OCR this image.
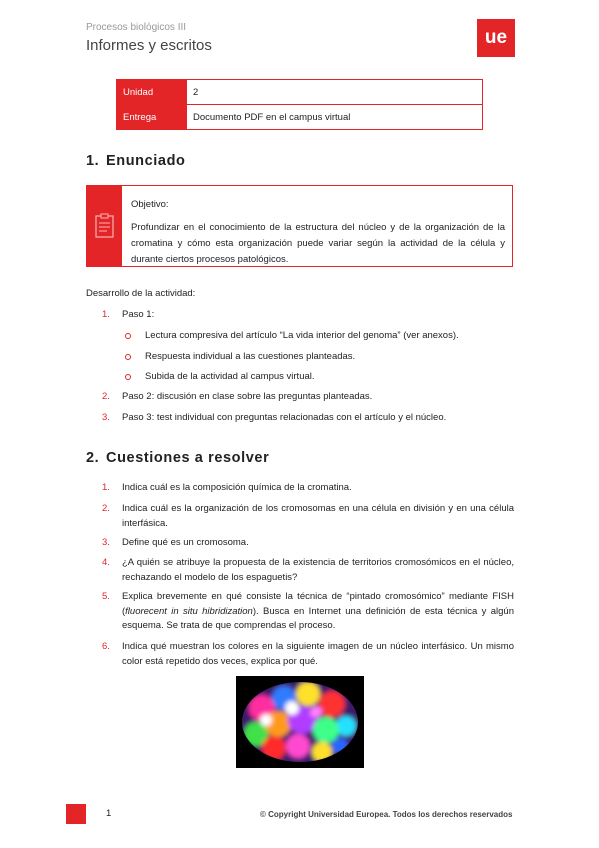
Procesos biológicos III
Informes y escritos	ue
Unidad	2
Entrega	Documento PDF en el campus virtual
1. Enunciado
Objetivo:
Profundizar en el conocimiento de la estructura del núcleo y de la organización de la cromatina y cómo esta organización puede variar según la actividad de la célula y durante ciertos procesos patológicos.
Desarrollo de la actividad:
1. Paso 1:
Lectura compresiva del artículo “La vida interior del genoma” (ver anexos).
Respuesta individual a las cuestiones planteadas.
Subida de la actividad al campus virtual.
2. Paso 2: discusión en clase sobre las preguntas planteadas.
3. Paso 3: test individual con preguntas relacionadas con el artículo y el núcleo.
2. Cuestiones a resolver
1. Indica cuál es la composición química de la cromatina.
2. Indica cuál es la organización de los cromosomas en una célula en división y en una célula interfásica.
3. Define qué es un cromosoma.
4. ¿A quién se atribuye la propuesta de la existencia de territorios cromosómicos en el núcleo, rechazando el modelo de los espaguetis?
5. Explica brevemente en qué consiste la técnica de “pintado cromosómico” mediante FISH (fluorecent in situ hibridization). Busca en Internet una definición de esta técnica y algún esquema. Se trata de que comprendas el proceso.
6. Indica qué muestran los colores en la siguiente imagen de un núcleo interfásico. Un mismo color está repetido dos veces, explica por qué.
1	© Copyright Universidad Europea. Todos los derechos reservados
